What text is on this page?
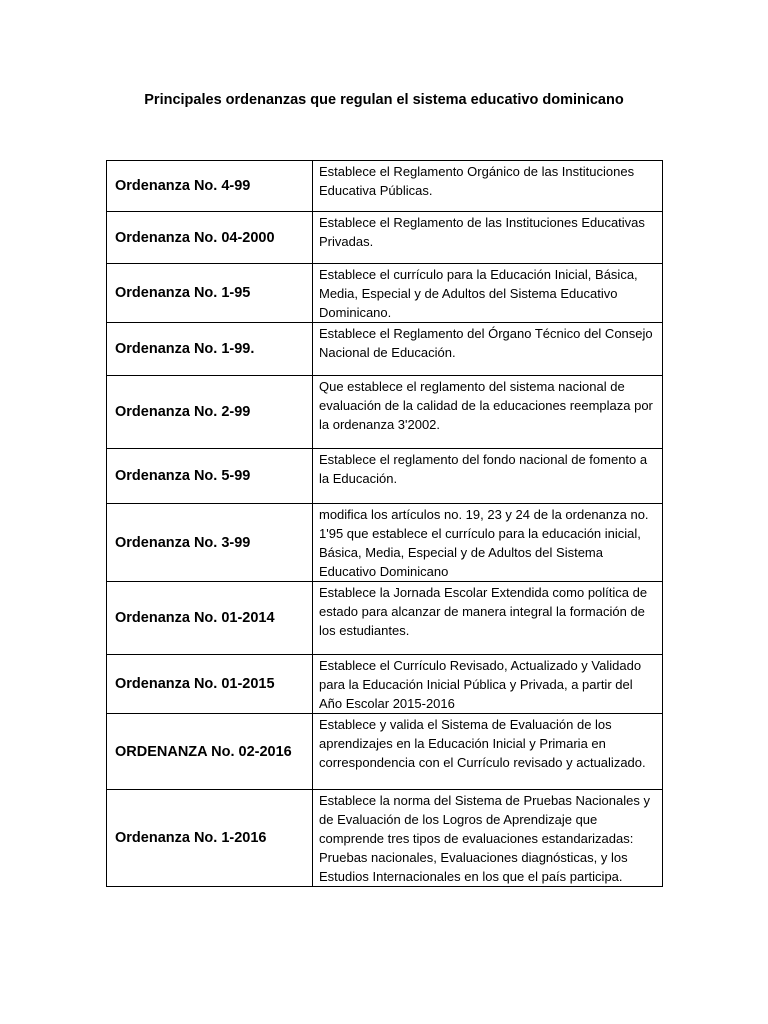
Principales ordenanzas que regulan el sistema educativo dominicano
Ordenanza No. 4-99	Establece el Reglamento Orgánico de las Instituciones Educativa Públicas.
Ordenanza No. 04-2000	Establece el Reglamento de las Instituciones Educativas Privadas.
Ordenanza No. 1-95	Establece el currículo para la Educación Inicial, Básica, Media, Especial y de Adultos del Sistema Educativo Dominicano.
Ordenanza No. 1-99.	Establece el Reglamento del Órgano Técnico del Consejo Nacional de Educación.
Ordenanza No. 2-99	Que establece el reglamento del sistema nacional de evaluación de la calidad de la educaciones reemplaza por la ordenanza 3'2002.
Ordenanza No. 5-99	Establece el reglamento del fondo nacional de fomento a la Educación.
Ordenanza No. 3-99	modifica los artículos no. 19, 23 y 24 de la ordenanza no. 1'95 que establece el currículo para la educación inicial, Básica, Media, Especial y de Adultos del Sistema Educativo Dominicano
Ordenanza No. 01-2014	Establece la Jornada Escolar Extendida como política de estado para alcanzar de manera integral la formación de los estudiantes.
Ordenanza No. 01-2015	Establece el Currículo Revisado, Actualizado y Validado para la Educación Inicial Pública y Privada, a partir del Año Escolar 2015-2016
ORDENANZA No. 02-2016	Establece y valida el Sistema de Evaluación de los aprendizajes en la Educación Inicial y Primaria en correspondencia con el Currículo revisado y actualizado.
Ordenanza No. 1-2016	Establece la norma del Sistema de Pruebas Nacionales y de Evaluación de los Logros de Aprendizaje que comprende tres tipos de evaluaciones estandarizadas: Pruebas nacionales, Evaluaciones diagnósticas, y los Estudios Internacionales en los que el país participa.
